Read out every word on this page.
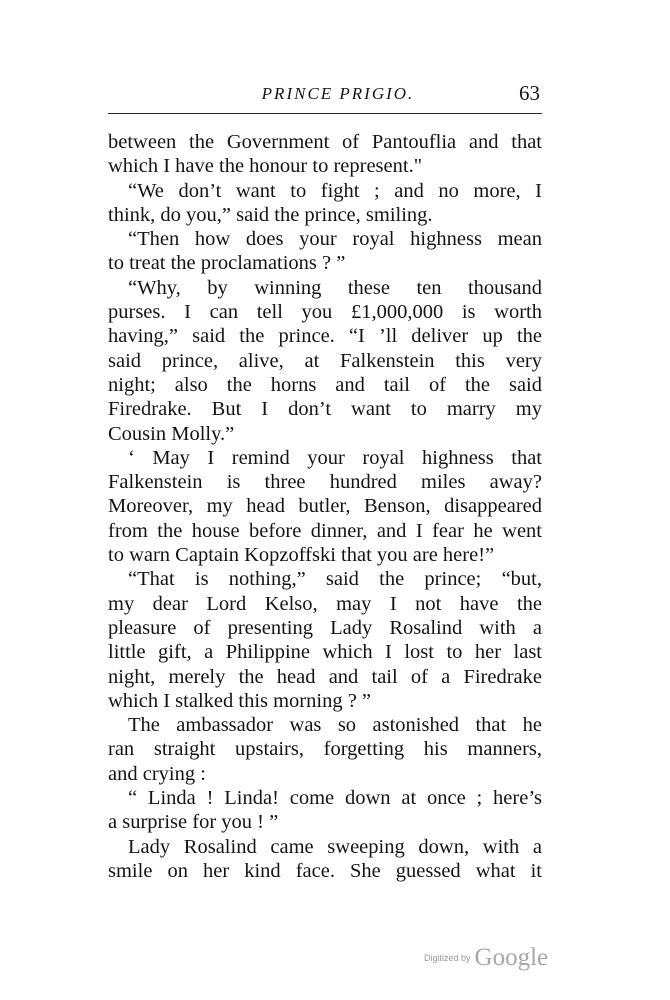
PRINCE PRIGIO.	63
between the Government of Pantouflia and that
which I have the honour to represent."
“We don’t want to fight ; and no more, I
think, do you,” said the prince, smiling.
“Then how does your royal highness mean
to treat the proclamations ? ”
“Why, by winning these ten thousand
purses. I can tell you £1,000,000 is worth
having,” said the prince. “I ’ll deliver up the
said prince, alive, at Falkenstein this very
night; also the horns and tail of the said
Firedrake. But I don’t want to marry my
Cousin Molly.”
‘ May I remind your royal highness that
Falkenstein is three hundred miles away?
Moreover, my head butler, Benson, disappeared
from the house before dinner, and I fear he went
to warn Captain Kopzoffski that you are here!”
“That is nothing,” said the prince; “but,
my dear Lord Kelso, may I not have the
pleasure of presenting Lady Rosalind with a
little gift, a Philippine which I lost to her last
night, merely the head and tail of a Firedrake
which I stalked this morning ? ”
The ambassador was so astonished that he
ran straight upstairs, forgetting his manners,
and crying :
“ Linda ! Linda! come down at once ; here’s
a surprise for you ! ”
Lady Rosalind came sweeping down, with a
smile on her kind face. She guessed what it
$^{Digitized by}$ Google
